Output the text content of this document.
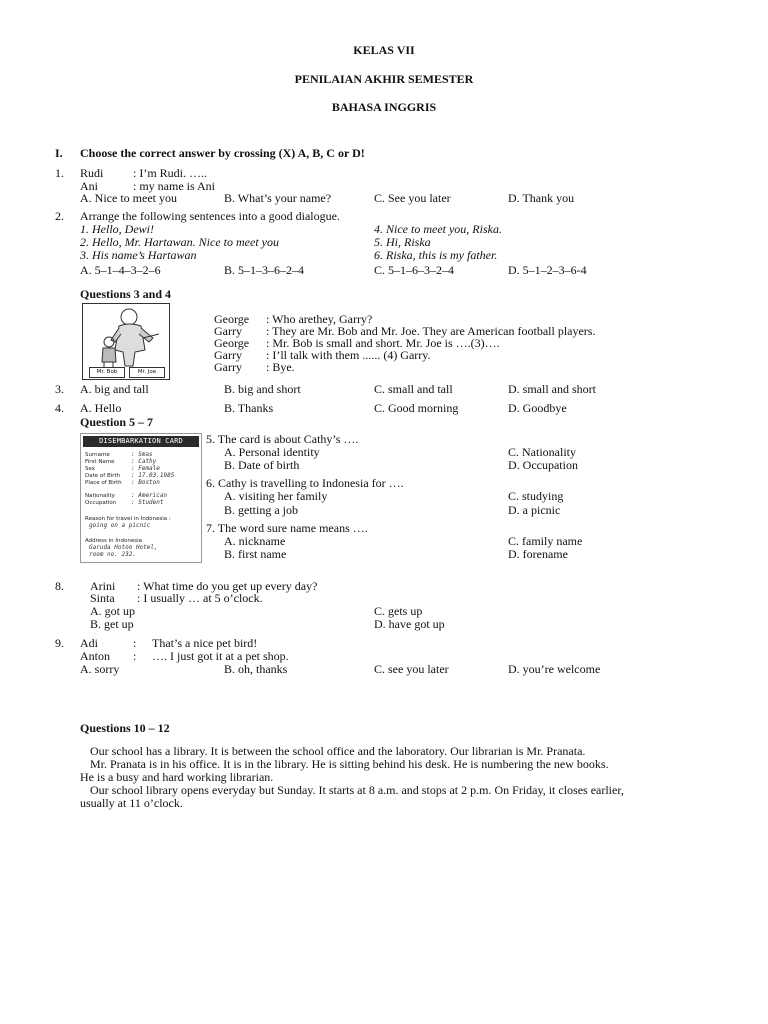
KELAS VII
PENILAIAN AKHIR SEMESTER
BAHASA INGGRIS
I. Choose the correct answer by crossing (X) A, B, C or D!
1. Rudi : I’m Rudi. …..
Ani	: my name is Ani
A. Nice to meet you	B. What’s your name?	C. See you later	D. Thank you
2. Arrange the following sentences into a good dialogue.
1. Hello, Dewi!
2. Hello, Mr. Hartawan. Nice to meet you
3. His name’s Hartawan
4. Nice to meet you, Riska.
5. Hi, Riska
6. Riska, this is my father.
A. 5–1–4–3–2–6	B. 5–1–3–6–2–4	C. 5–1–6–3–2–4	D. 5–1–2–3–6-4
Questions 3 and 4
Mr. Bob	Mr. Joe
George : Who arethey, Garry?
Garry : They are Mr. Bob and Mr. Joe. They are American football players.
George : Mr. Bob is small and short. Mr. Joe is ….(3)….
Garry : I’ll talk with them ...... (4) Garry.
Garry : Bye.
3. A. big and tall	B. big and short	C. small and tall	D. small and short
4. A. Hello	B. Thanks	C. Good morning	D. Goodbye
Question 5 – 7
DISEMBARKATION CARD
Surname	: Smas
First Name	: Cathy
Sex	: Female
Date of Birth : 17.03.1985
Place of Birth : Boston
Nationality	: American
Occupation : Student
Reason for travel in Indonesia :
going on a picnic
Address in Indonesia
Garuda Hotoo Hotel,
room no. 232.
5. The card is about Cathy’s ….
A. Personal identity
B. Date of birth
C. Nationality
D. Occupation
6. Cathy is travelling to Indonesia for ….
A. visiting her family
B. getting a job
C. studying
D. a picnic
7. The word sure name means ….
A. nickname
B. first name
C. family name
D. forename
8. Arini : What time do you get up every day?
Sinta : I usually … at 5 o’clock.
A. got up
B. get up
C. gets up
D. have got up
9. Adi	: That’s a nice pet bird!
Anton : …. I just got it at a pet shop.
A. sorry	B. oh, thanks	C. see you later	D. you’re welcome
Questions 10 – 12
Our school has a library. It is between the school office and the laboratory. Our librarian is Mr. Pranata.
Mr. Pranata is in his office. It is in the library. He is sitting behind his desk. He is numbering the new books.
He is a busy and hard working librarian.
Our school library opens everyday but Sunday. It starts at 8 a.m. and stops at 2 p.m. On Friday, it closes earlier,
usually at 11 o’clock.
